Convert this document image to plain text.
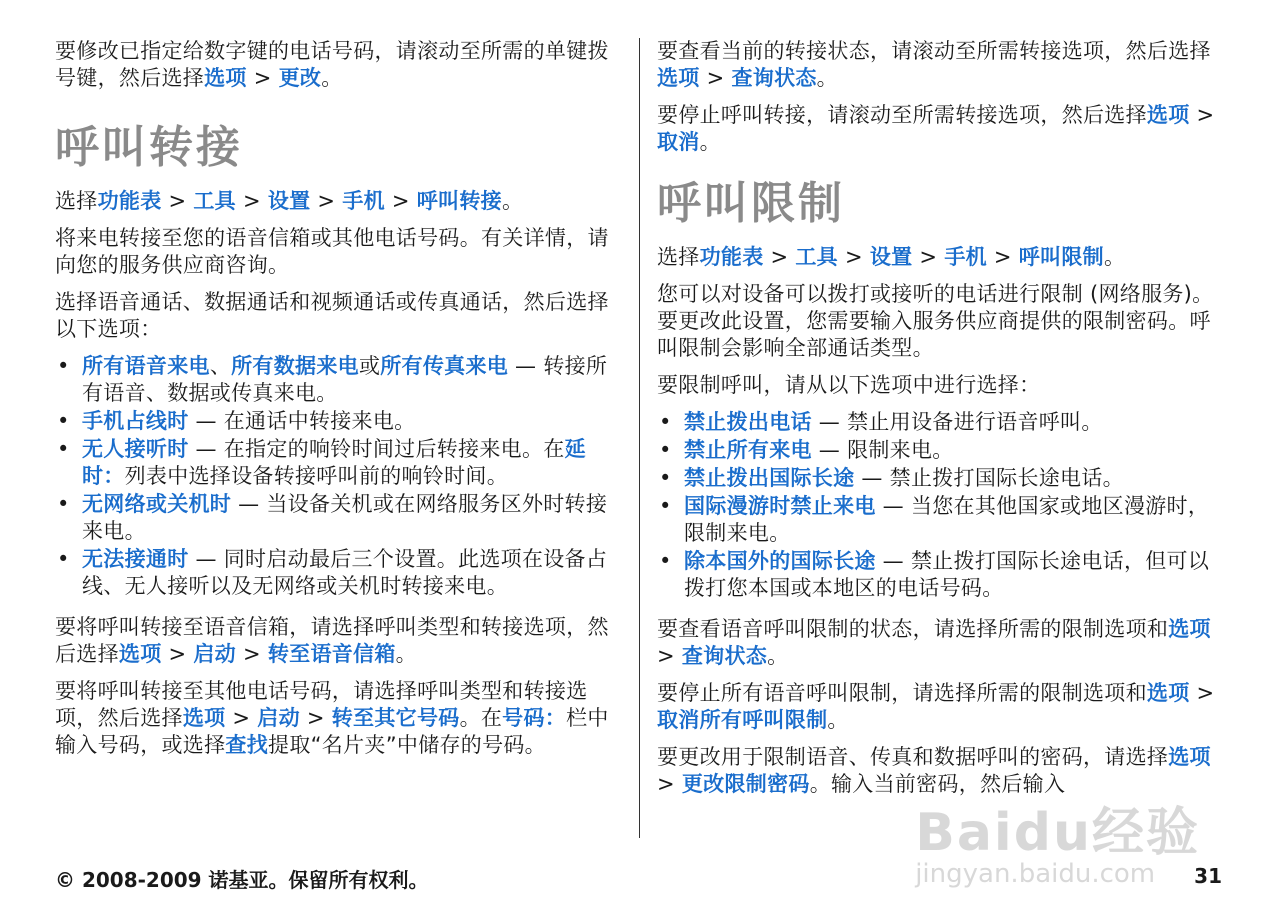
要修改已指定给数字键的电话号码，请滚动至所需的单键拨号键，然后选择选项 > 更改。

呼叫转接

选择功能表 > 工具 > 设置 > 手机 > 呼叫转接。

将来电转接至您的语音信箱或其他电话号码。有关详情，请向您的服务供应商咨询。

选择语音通话、数据通话和视频通话或传真通话，然后选择以下选项：

• 所有语音来电、所有数据来电或所有传真来电 — 转接所有语音、数据或传真来电。
• 手机占线时 — 在通话中转接来电。
• 无人接听时 — 在指定的响铃时间过后转接来电。在延时：列表中选择设备转接呼叫前的响铃时间。
• 无网络或关机时 — 当设备关机或在网络服务区外时转接来电。
• 无法接通时 — 同时启动最后三个设置。此选项在设备占线、无人接听以及无网络或关机时转接来电。

要将呼叫转接至语音信箱，请选择呼叫类型和转接选项，然后选择选项 > 启动 > 转至语音信箱。

要将呼叫转接至其他电话号码，请选择呼叫类型和转接选项，然后选择选项 > 启动 > 转至其它号码。在号码：栏中输入号码，或选择查找提取“名片夹”中储存的号码。

要查看当前的转接状态，请滚动至所需转接选项，然后选择选项 > 查询状态。

要停止呼叫转接，请滚动至所需转接选项，然后选择选项 > 取消。

呼叫限制

选择功能表 > 工具 > 设置 > 手机 > 呼叫限制。

您可以对设备可以拨打或接听的电话进行限制 (网络服务)。要更改此设置，您需要输入服务供应商提供的限制密码。呼叫限制会影响全部通话类型。

要限制呼叫，请从以下选项中进行选择：

• 禁止拨出电话 — 禁止用设备进行语音呼叫。
• 禁止所有来电 — 限制来电。
• 禁止拨出国际长途 — 禁止拨打国际长途电话。
• 国际漫游时禁止来电 — 当您在其他国家或地区漫游时，限制来电。
• 除本国外的国际长途 — 禁止拨打国际长途电话，但可以拨打您本国或本地区的电话号码。

要查看语音呼叫限制的状态，请选择所需的限制选项和选项 > 查询状态。

要停止所有语音呼叫限制，请选择所需的限制选项和选项 > 取消所有呼叫限制。

要更改用于限制语音、传真和数据呼叫的密码，请选择选项 > 更改限制密码。输入当前密码，然后输入

© 2008-2009 诺基亚。保留所有权利。	31
Baidu经验
jingyan.baidu.com
